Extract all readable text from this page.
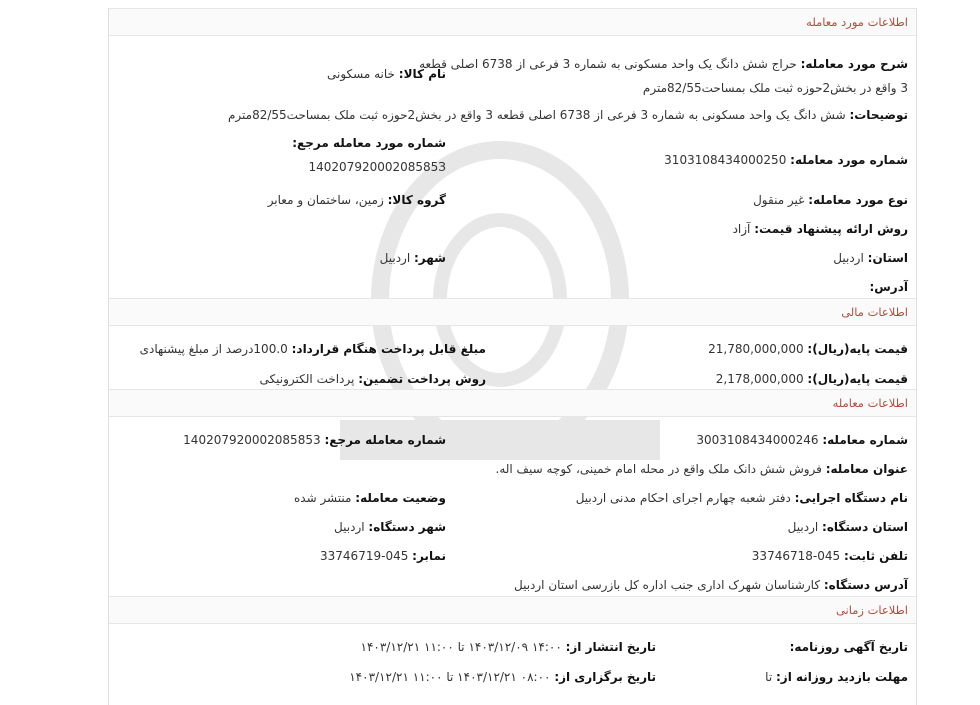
اطلاعات مورد معامله
شرح مورد معامله: حراج شش دانگ یک واحد مسکونی به شماره 3 فرعی از 6738 اصلی قطعه 3 واقع در بخش2حوزه ثبت ملک بمساحت82/55مترم
نام کالا: خانه مسکونی
توضیحات: شش دانگ یک واحد مسکونی به شماره 3 فرعی از 6738 اصلی قطعه 3 واقع در بخش2حوزه ثبت ملک بمساحت82/55مترم
شماره مورد معامله: 3103108434000250
شماره مورد معامله مرجع:
14020792000208585З
نوع مورد معامله: غیر منقول
گروه کالا: زمین، ساختمان و معابر
روش ارائه پیشنهاد قیمت: آزاد
استان: اردبیل
شهر: اردبیل
آدرس:
اطلاعات مالی
قیمت پایه(ریال): 21,780,000,000
مبلغ قابل پرداخت هنگام قرارداد: 100.0درصد از مبلغ پیشنهادی
قیمت پایه(ریال): 2,178,000,000
روش پرداخت تضمین: پرداخت الکترونیکی
اطلاعات معامله
شماره معامله: 3003108434000246
شماره معامله مرجع: 140207920002085853
عنوان معامله: فروش شش دانک ملک واقع در محله امام خمینی، کوچه سیف اله.
نام دستگاه اجرایی: دفتر شعبه چهارم اجرای احکام مدنی اردبیل
وضعیت معامله: منتشر شده
استان دستگاه: اردبیل
شهر دستگاه: اردبیل
تلفن ثابت: 045-33746718
نمابر: 045-33746719
آدرس دستگاه: کارشناسان شهرک اداری جنب اداره کل بازرسی استان اردبیل
اطلاعات زمانی
تاریخ آگهی روزنامه:
تاریخ انتشار از: ۱۴:۰۰ ۱۴۰۳/۱۲/۰۹ تا ۱۱:۰۰ ۱۴۰۳/۱۲/۲۱
مهلت بازدید روزانه از: تا
تاریخ برگزاری از: ۰۸:۰۰ ۱۴۰۳/۱۲/۲۱ تا ۱۱:۰۰ ۱۴۰۳/۱۲/۲۱
